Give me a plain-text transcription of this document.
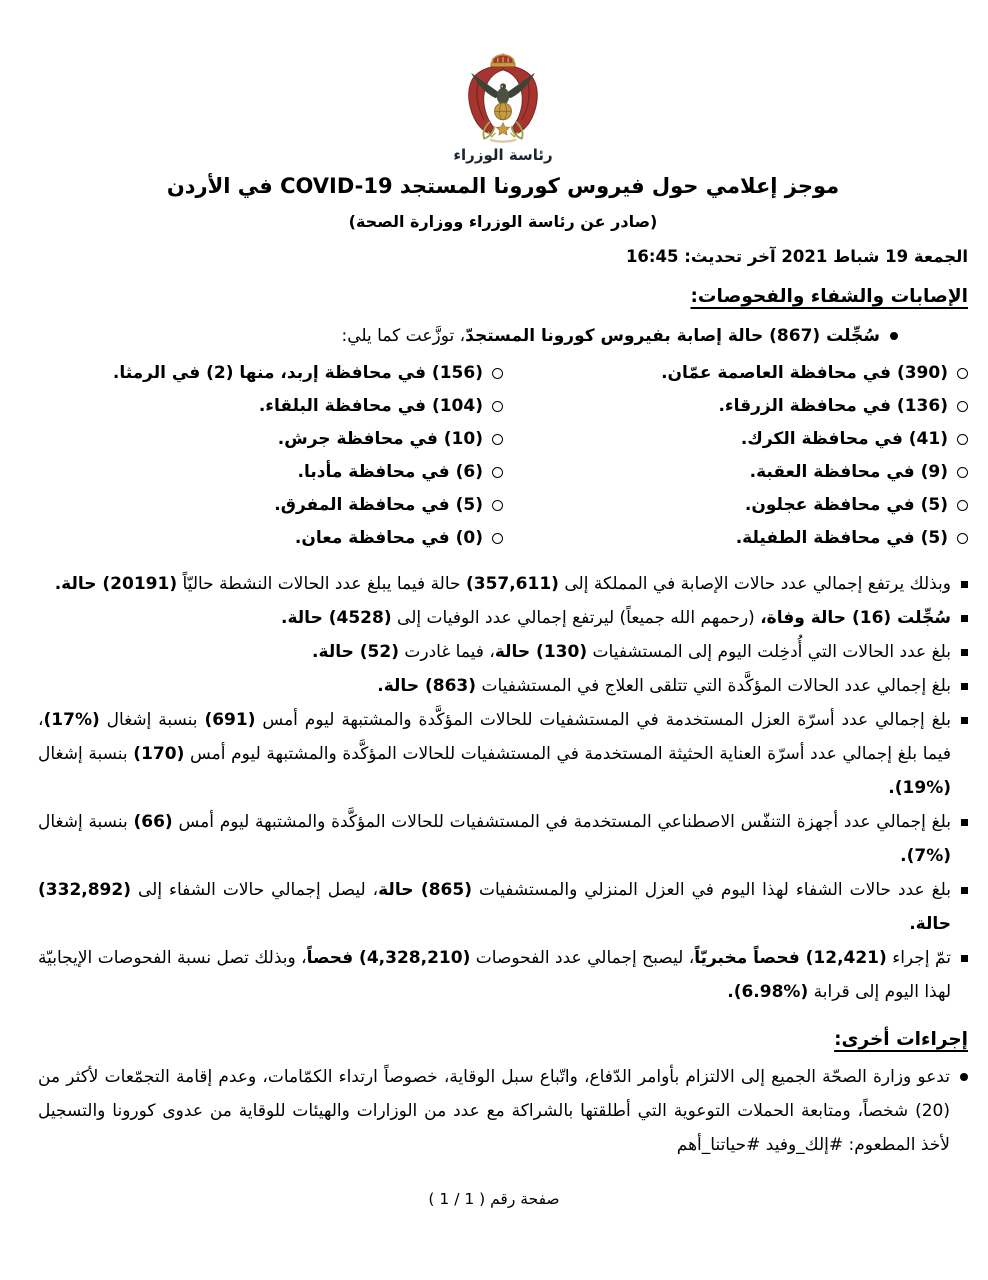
رئاسة الوزراء
موجز إعلامي حول فيروس كورونا المستجد COVID-19 في الأردن
(صادر عن رئاسة الوزراء ووزارة الصحة)
الجمعة 19 شباط 2021 آخر تحديث: 16:45
الإصابات والشفاء والفحوصات:

سُجِّلت (867) حالة إصابة بفيروس كورونا المستجدّ، توزَّعت كما يلي:

(390) في محافظة العاصمة عمّان.
(156) في محافظة إربد، منها (2) في الرمثا.
(136) في محافظة الزرقاء.
(104) في محافظة البلقاء.
(41) في محافظة الكرك.
(10) في محافظة جرش.
(9) في محافظة العقبة.
(6) في محافظة مأدبا.
(5) في محافظة عجلون.
(5) في محافظة المفرق.
(5) في محافظة الطفيلة.
(0) في محافظة معان.

وبذلك يرتفع إجمالي عدد حالات الإصابة في المملكة إلى (357,611) حالة فيما يبلغ عدد الحالات النشطة حاليّاً (20191) حالة.

سُجِّلت (16) حالة وفاة، (رحمهم الله جميعاً) ليرتفع إجمالي عدد الوفيات إلى (4528) حالة.

بلغ عدد الحالات التي أُدخِلت اليوم إلى المستشفيات (130) حالة، فيما غادرت (52) حالة.

بلغ إجمالي عدد الحالات المؤكَّدة التي تتلقى العلاج في المستشفيات (863) حالة.

بلغ إجمالي عدد أسرّة العزل المستخدمة في المستشفيات للحالات المؤكَّدة والمشتبهة ليوم أمس (691) بنسبة إشغال (%17)، فيما بلغ إجمالي عدد أسرّة العناية الحثيثة المستخدمة في المستشفيات للحالات المؤكَّدة والمشتبهة ليوم أمس (170) بنسبة إشغال (%19).

بلغ إجمالي عدد أجهزة التنفّس الاصطناعي المستخدمة في المستشفيات للحالات المؤكَّدة والمشتبهة ليوم أمس (66) بنسبة إشغال (%7).

بلغ عدد حالات الشفاء لهذا اليوم في العزل المنزلي والمستشفيات (865) حالة، ليصل إجمالي حالات الشفاء إلى (332,892) حالة.

تمّ إجراء (12,421) فحصاً مخبريّاً، ليصبح إجمالي عدد الفحوصات (4,328,210) فحصاً، وبذلك تصل نسبة الفحوصات الإيجابيّة لهذا اليوم إلى قرابة (%6.98).

إجراءات أخرى:

تدعو وزارة الصحّة الجميع إلى الالتزام بأوامر الدّفاع، واتّباع سبل الوقاية، خصوصاً ارتداء الكمّامات، وعدم إقامة التجمّعات لأكثر من (20) شخصاً، ومتابعة الحملات التوعوية التي أطلقتها بالشراكة مع عدد من الوزارات والهيئات للوقاية من عدوى كورونا والتسجيل لأخذ المطعوم: #إلك_وفيد #حياتنا_أهم

صفحة رقم ( 1 / 1 )
